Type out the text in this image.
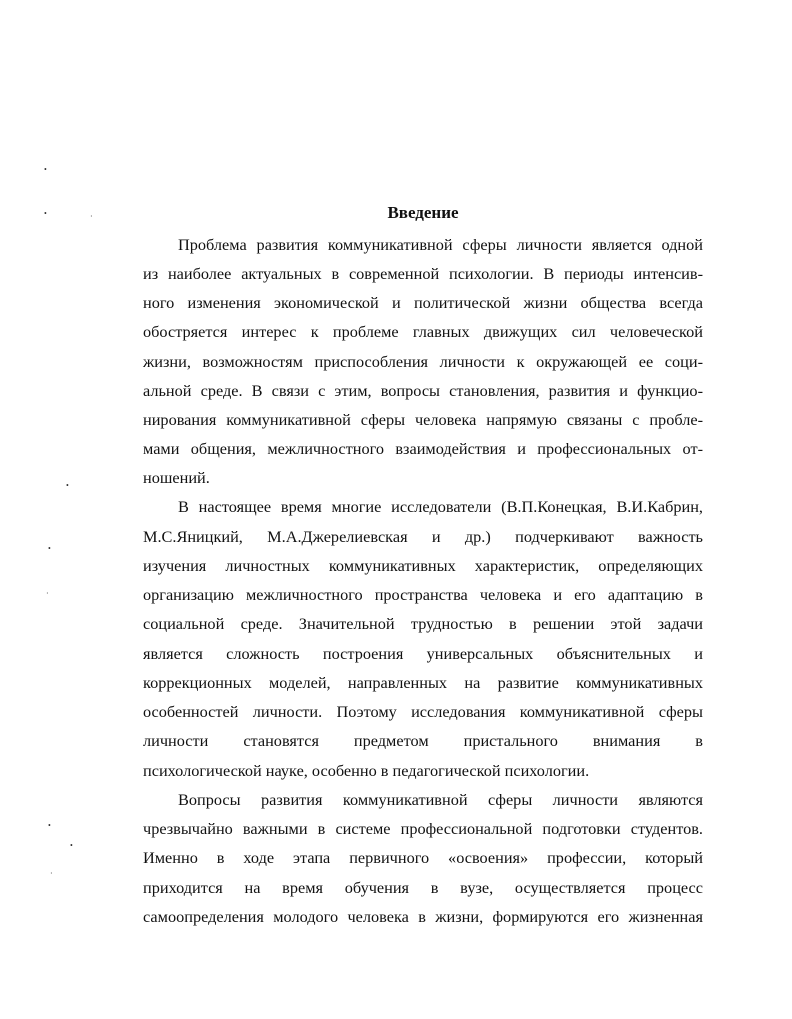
Введение
Проблема развития коммуникативной сферы личности является одной
из наиболее актуальных в современной психологии. В периоды интенсив-
ного изменения экономической и политической жизни общества всегда
обостряется интерес к проблеме главных движущих сил человеческой
жизни, возможностям приспособления личности к окружающей ее соци-
альной среде. В связи с этим, вопросы становления, развития и функцио-
нирования коммуникативной сферы человека напрямую связаны с пробле-
мами общения, межличностного взаимодействия и профессиональных от-
ношений.
В настоящее время многие исследователи (В.П.Конецкая, В.И.Кабрин,
М.С.Яницкий, М.А.Джерелиевская и др.) подчеркивают важность
изучения личностных коммуникативных характеристик, определяющих
организацию межличностного пространства человека и его адаптацию в
социальной среде. Значительной трудностью в решении этой задачи
является сложность построения универсальных объяснительных и
коррекционных моделей, направленных на развитие коммуникативных
особенностей личности. Поэтому исследования коммуникативной сферы
личности становятся предметом пристального внимания в
психологической науке, особенно в педагогической психологии.
Вопросы развития коммуникативной сферы личности являются
чрезвычайно важными в системе профессиональной подготовки студентов.
Именно в ходе этапа первичного «освоения» профессии, который
приходится на время обучения в вузе, осуществляется процесс
самоопределения молодого человека в жизни, формируются его жизненная
•
•	·
•
•
·
•
•
·
